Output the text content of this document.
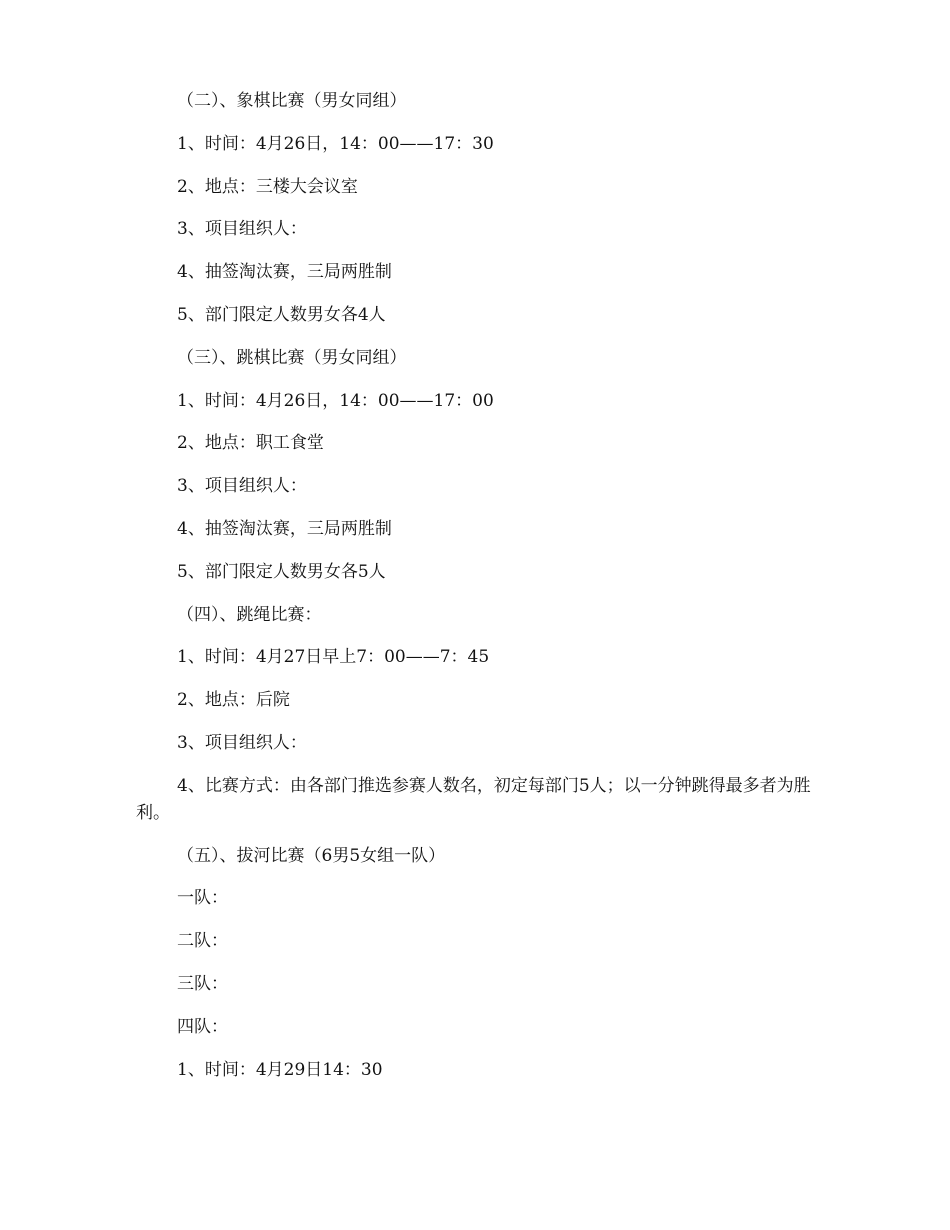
（二）、象棋比赛（男女同组）

1、时间：4月26日，14：00——17：30

2、地点：三楼大会议室

3、项目组织人：

4、抽签淘汰赛，三局两胜制

5、部门限定人数男女各4人

（三）、跳棋比赛（男女同组）

1、时间：4月26日，14：00——17：00

2、地点：职工食堂

3、项目组织人：

4、抽签淘汰赛，三局两胜制

5、部门限定人数男女各5人

（四）、跳绳比赛：

1、时间：4月27日早上7：00——7：45

2、地点：后院

3、项目组织人：

4、比赛方式：由各部门推选参赛人数名，初定每部门5人；以一分钟跳得最多者为胜利。

（五）、拔河比赛（6男5女组一队）

一队：

二队：

三队：

四队：

1、时间：4月29日14：30
